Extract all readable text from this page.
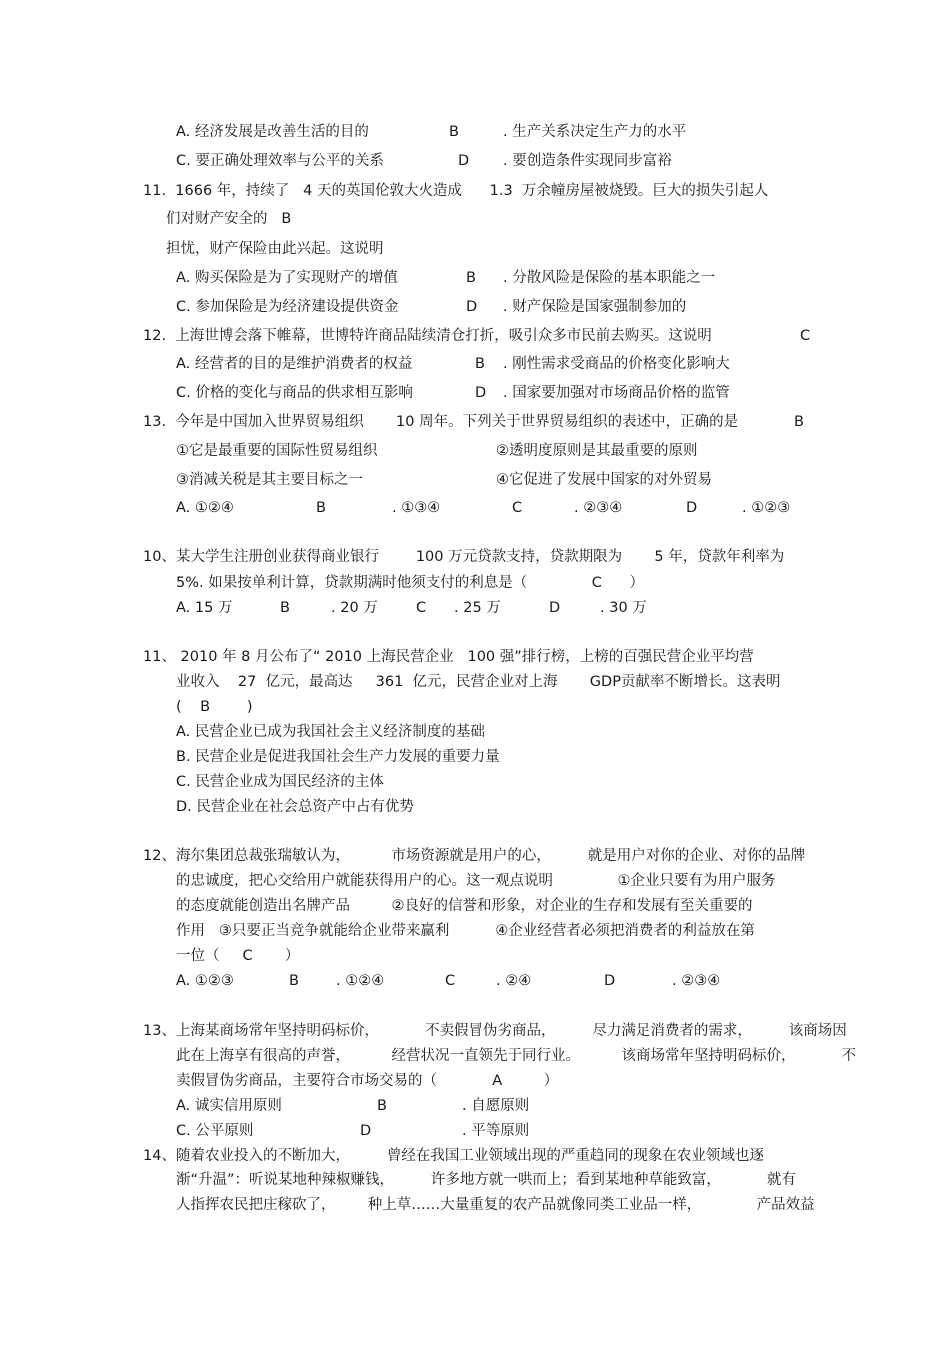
A. 经济发展是改善生活的目的	B	. 生产关系决定生产力的水平
C. 要正确处理效率与公平的关系	D . 要创造条件实现同步富裕
11.  1666 年，持续了   4 天的英国伦敦大火造成      1.3  万余幢房屋被烧毁。巨大的损失引起人
们对财产安全的   B
担忧，财产保险由此兴起。这说明
A. 购买保险是为了实现财产的增值	B . 分散风险是保险的基本职能之一
C. 参加保险是为经济建设提供资金	D . 财产保险是国家强制参加的
12.  上海世博会落下帷幕，世博特许商品陆续清仓打折，吸引众多市民前去购买。这说明	C
A. 经营者的目的是维护消费者的权益	B . 刚性需求受商品的价格变化影响大
C. 价格的变化与商品的供求相互影响	D . 国家要加强对市场商品价格的监管
13.  今年是中国加入世界贸易组织       10 周年。下列关于世界贸易组织的表述中，正确的是	B
①它是最重要的国际性贸易组织	②透明度原则是其最重要的原则
③消减关税是其主要目标之一	④它促进了发展中国家的对外贸易
A. ①②④	B	. ①③④	C	. ②③④	D	. ①②③
10、某大学生注册创业获得商业银行        100 万元贷款支持，贷款期限为       5 年，贷款年利率为
5%. 如果按单利计算，贷款期满时他须支付的利息是（              C      ）
A. 15 万	B	. 20 万	C . 25 万	D	. 30 万
11、 2010 年 8 月公布了“ 2010 上海民营企业   100 强”排行榜，上榜的百强民营企业平均营
业收入    27  亿元，最高达     361  亿元，民营企业对上海       GDP贡献率不断增长。这表明
(    B        )
A. 民营企业已成为我国社会主义经济制度的基础
B. 民营企业是促进我国社会生产力发展的重要力量
C. 民营企业成为国民经济的主体
D. 民营企业在社会总资产中占有优势
12、海尔集团总裁张瑞敏认为，         市场资源就是用户的心，        就是用户对你的企业、对你的品牌
的忠诚度，把心交给用户就能获得用户的心。这一观点说明              ①企业只要有为用户服务
的态度就能创造出名牌产品         ②良好的信誉和形象，对企业的生存和发展有至关重要的
作用   ③只要正当竞争就能给企业带来赢利          ④企业经营者必须把消费者的利益放在第
一位（     C       ）
A. ①②③	B	. ①②④	C	. ②④	D	. ②③④
13、上海某商场常年坚持明码标价，          不卖假冒伪劣商品，        尽力满足消费者的需求，        该商场因
此在上海享有很高的声誉，         经营状况一直领先于同行业。         该商场常年坚持明码标价，          不
卖假冒伪劣商品，主要符合市场交易的（            A         ）
A. 诚实信用原则	B	. 自愿原则
C. 公平原则	D	. 平等原则
14、随着农业投入的不断加大，        曾经在我国工业领域出现的严重趋同的现象在农业领域也逐
渐“升温”：听说某地种辣椒赚钱，        许多地方就一哄而上；看到某地种草能致富，          就有
人指挥农民把庄稼砍了，       种上草……大量重复的农产品就像同类工业品一样，            产品效益
